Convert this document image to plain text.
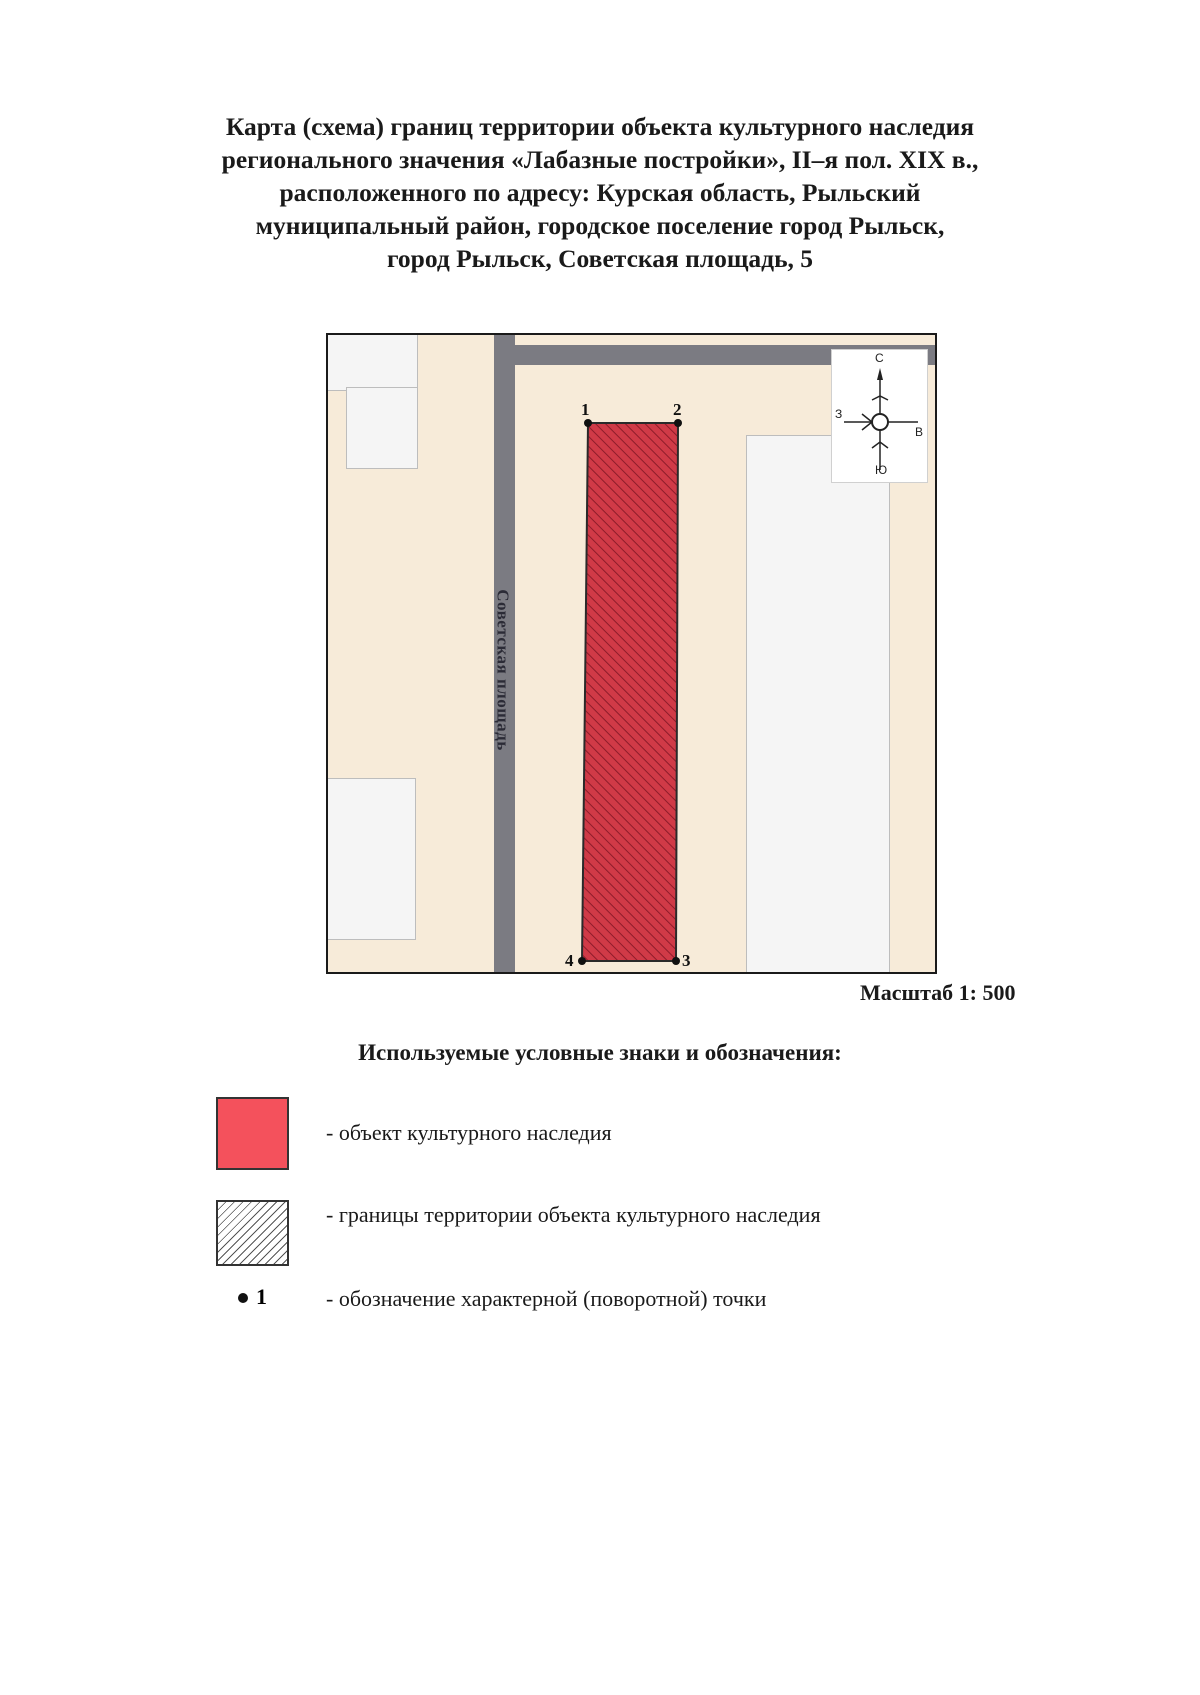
Карта (схема) границ территории объекта культурного наследия
регионального значения «Лабазные постройки», II–я пол. XIX в.,
расположенного по адресу: Курская область, Рыльский
муниципальный район, городское поселение город Рыльск,
город Рыльск, Советская площадь, 5
Советская площадь
1	2
3
4
С
З
В
Ю
Масштаб 1: 500
Используемые условные знаки и обозначения:
- объект культурного наследия
- границы территории объекта культурного наследия
1	- обозначение характерной (поворотной) точки
